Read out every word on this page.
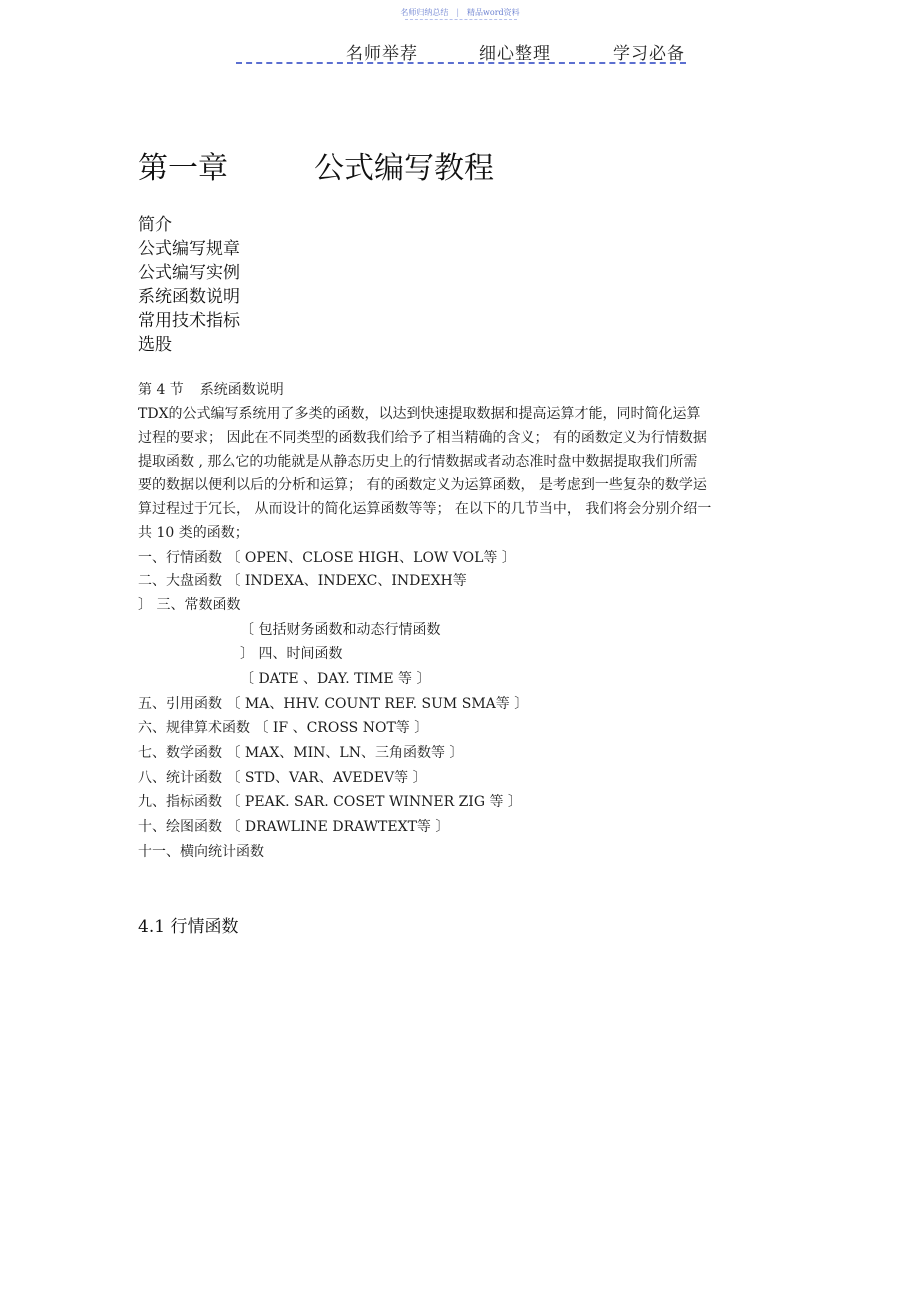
名师归纳总结 | 精品word资料
名师举荐	细心整理	学习必备
第一章	公式编写教程
简介
公式编写规章
公式编写实例
系统函数说明
常用技术指标
选股
第 4 节 系统函数说明
TDX的公式编写系统用了多类的函数，以达到快速提取数据和提高运算才能，同时简化运算
过程的要求； 因此在不同类型的函数我们给予了相当精确的含义； 有的函数定义为行情数据
提取函数 , 那么它的功能就是从静态历史上的行情数据或者动态准时盘中数据提取我们所需
要的数据以便利以后的分析和运算； 有的函数定义为运算函数， 是考虑到一些复杂的数学运
算过程过于冗长， 从而设计的简化运算函数等等； 在以下的几节当中， 我们将会分别介绍一
共 10 类的函数；
一、行情函数 〔 OPEN、CLOSE HIGH、LOW VOL等 〕
二、大盘函数 〔 INDEXA、INDEXC、INDEXH等
〕 三、常数函数
〔 包括财务函数和动态行情函数
〕 四、时间函数
〔 DATE 、DAY. TIME 等 〕
五、引用函数 〔 MA、HHV. COUNT REF. SUM SMA等 〕
六、规律算术函数 〔 IF 、CROSS NOT等 〕
七、数学函数 〔 MAX、MIN、LN、三角函数等 〕
八、统计函数 〔 STD、VAR、AVEDEV等 〕
九、指标函数 〔 PEAK. SAR. COSET WINNER ZIG 等 〕
十、绘图函数 〔 DRAWLINE DRAWTEXT等 〕
十一、横向统计函数
4.1 行情函数
